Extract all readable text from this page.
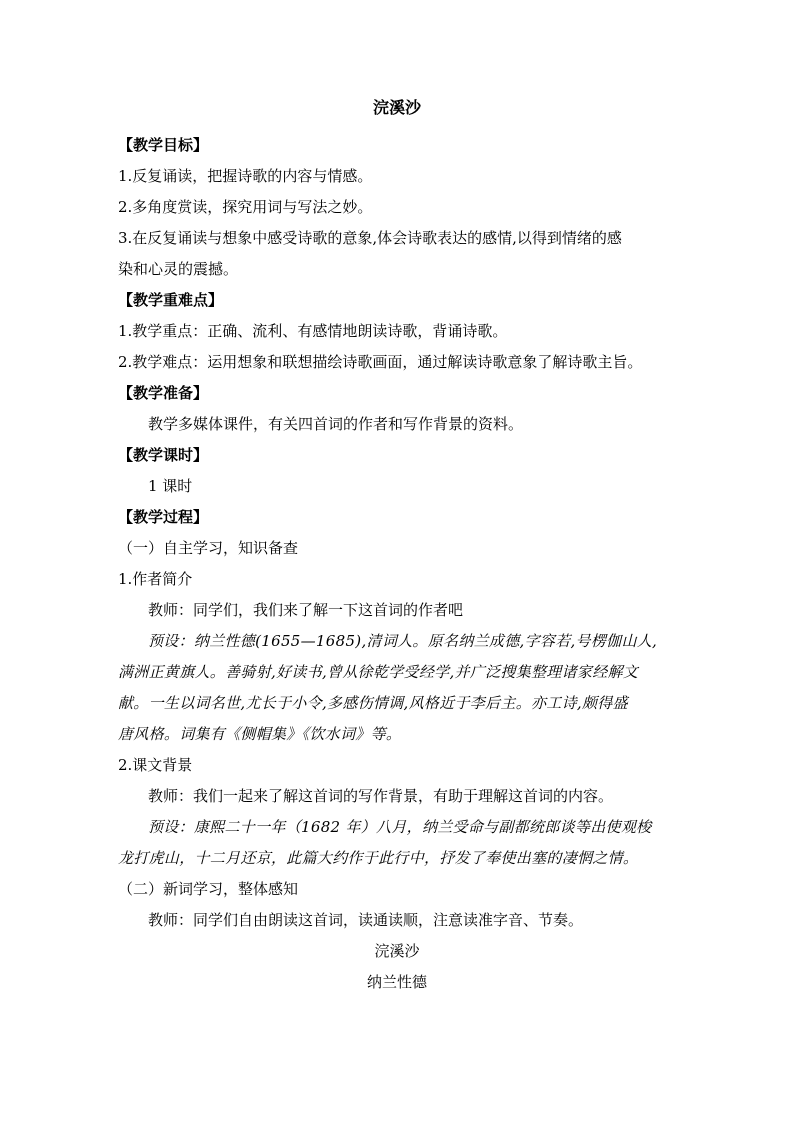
浣溪沙
【教学目标】
1.反复诵读，把握诗歌的内容与情感。
2.多角度赏读，探究用词与写法之妙。
3.在反复诵读与想象中感受诗歌的意象,体会诗歌表达的感情,以得到情绪的感
染和心灵的震撼。
【教学重难点】
1.教学重点：正确、流利、有感情地朗读诗歌，背诵诗歌。
2.教学难点：运用想象和联想描绘诗歌画面，通过解读诗歌意象了解诗歌主旨。
【教学准备】
教学多媒体课件，有关四首词的作者和写作背景的资料。
【教学课时】
1 课时
【教学过程】
（一）自主学习，知识备查
1.作者简介
教师：同学们，我们来了解一下这首词的作者吧
预设：纳兰性德(1655—1685),清词人。原名纳兰成德,字容若,号楞伽山人,
满洲正黄旗人。善骑射,好读书,曾从徐乾学受经学,并广泛搜集整理诸家经解文
献。一生以词名世,尤长于小令,多感伤情调,风格近于李后主。亦工诗,颇得盛
唐风格。词集有《侧帽集》《饮水词》等。
2.课文背景
教师：我们一起来了解这首词的写作背景，有助于理解这首词的内容。
预设：康熙二十一年（1682 年）八月，纳兰受命与副都统郎谈等出使观梭
龙打虎山，十二月还京，此篇大约作于此行中，抒发了奉使出塞的凄惘之情。
（二）新词学习，整体感知
教师：同学们自由朗读这首词，读通读顺，注意读准字音、节奏。
浣溪沙
纳兰性德
